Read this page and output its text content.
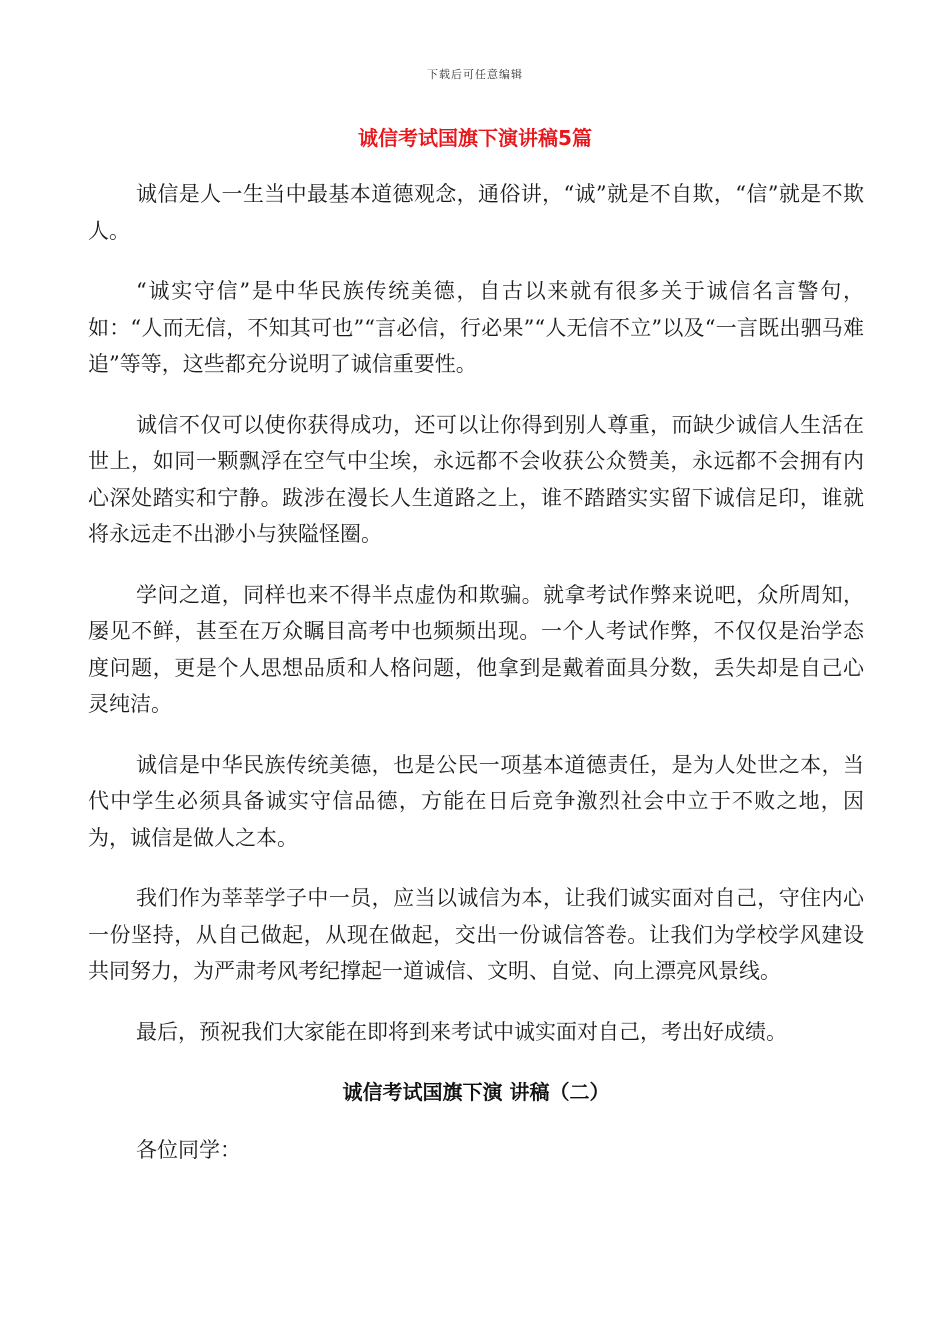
下载后可任意编辑
诚信考试国旗下演讲稿5篇

诚信是人一生当中最基本道德观念，通俗讲，“诚”就是不自欺，“信”就是不欺人。

“诚实守信”是中华民族传统美德，自古以来就有很多关于诚信名言警句，如：“人而无信，不知其可也”“言必信，行必果”“人无信不立”以及“一言既出驷马难追”等等，这些都充分说明了诚信重要性。

诚信不仅可以使你获得成功，还可以让你得到别人尊重，而缺少诚信人生活在世上，如同一颗飘浮在空气中尘埃，永远都不会收获公众赞美，永远都不会拥有内心深处踏实和宁静。跋涉在漫长人生道路之上，谁不踏踏实实留下诚信足印，谁就将永远走不出渺小与狭隘怪圈。

学问之道，同样也来不得半点虚伪和欺骗。就拿考试作弊来说吧，众所周知，屡见不鲜，甚至在万众瞩目高考中也频频出现。一个人考试作弊，不仅仅是治学态度问题，更是个人思想品质和人格问题，他拿到是戴着面具分数，丢失却是自己心灵纯洁。

诚信是中华民族传统美德，也是公民一项基本道德责任，是为人处世之本，当代中学生必须具备诚实守信品德，方能在日后竞争激烈社会中立于不败之地，因为，诚信是做人之本。

我们作为莘莘学子中一员，应当以诚信为本，让我们诚实面对自己，守住内心一份坚持，从自己做起，从现在做起，交出一份诚信答卷。让我们为学校学风建设共同努力，为严肃考风考纪撑起一道诚信、文明、自觉、向上漂亮风景线。

最后，预祝我们大家能在即将到来考试中诚实面对自己，考出好成绩。

诚信考试国旗下演 讲稿（二）

各位同学：
